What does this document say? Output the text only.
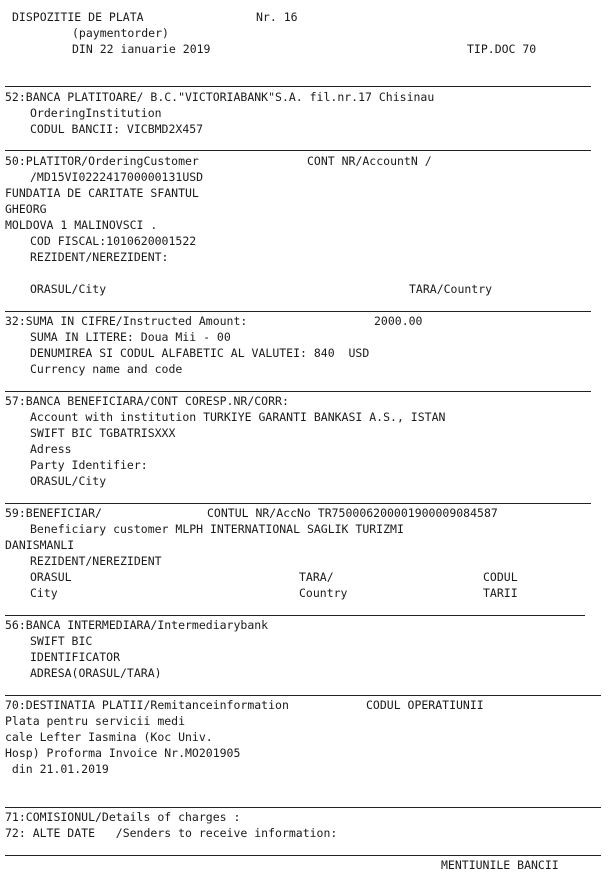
DISPOZITIE DE PLATA	Nr. 16
(paymentorder)
DIN 22 ianuarie 2019	TIP.DOC 70
52:BANCA PLATITOARE/ B.C."VICTORIABANK"S.A. fil.nr.17 Chisinau
OrderingInstitution
CODUL BANCII: VICBMD2X457
50:PLATITOR/OrderingCustomer	CONT NR/AccountN /
/MD15VI022241700000131USD
FUNDATIA DE CARITATE SFANTUL
GHEORG
MOLDOVA 1 MALINOVSCI .
COD FISCAL:1010620001522
REZIDENT/NEREZIDENT:
ORASUL/City	TARA/Country
32:SUMA IN CIFRE/Instructed Amount:	2000.00
SUMA IN LITERE: Doua Mii - 00
DENUMIREA SI CODUL ALFABETIC AL VALUTEI: 840  USD
Currency name and code
57:BANCA BENEFICIARA/CONT CORESP.NR/CORR:
Account with institution TURKIYE GARANTI BANKASI A.S., ISTAN
SWIFT BIC TGBATRISXXX
Adress
Party Identifier:
ORASUL/City
59:BENEFICIAR/	CONTUL NR/AccNo TR750006200001900009084587
Beneficiary customer MLPH INTERNATIONAL SAGLIK TURIZMI
DANISMANLI
REZIDENT/NEREZIDENT
ORASUL	TARA/	CODUL
City	Country	TARII
56:BANCA INTERMEDIARA/Intermediarybank
SWIFT BIC
IDENTIFICATOR
ADRESA(ORASUL/TARA)
70:DESTINATIA PLATII/Remitanceinformation	CODUL OPERATIUNII
Plata pentru servicii medi
cale Lefter Iasmina (Koc Univ.
Hosp) Proforma Invoice Nr.MO201905
din 21.01.2019
71:COMISIONUL/Details of charges :
72: ALTE DATE   /Senders to receive information:
MENTIUNILE BANCII
